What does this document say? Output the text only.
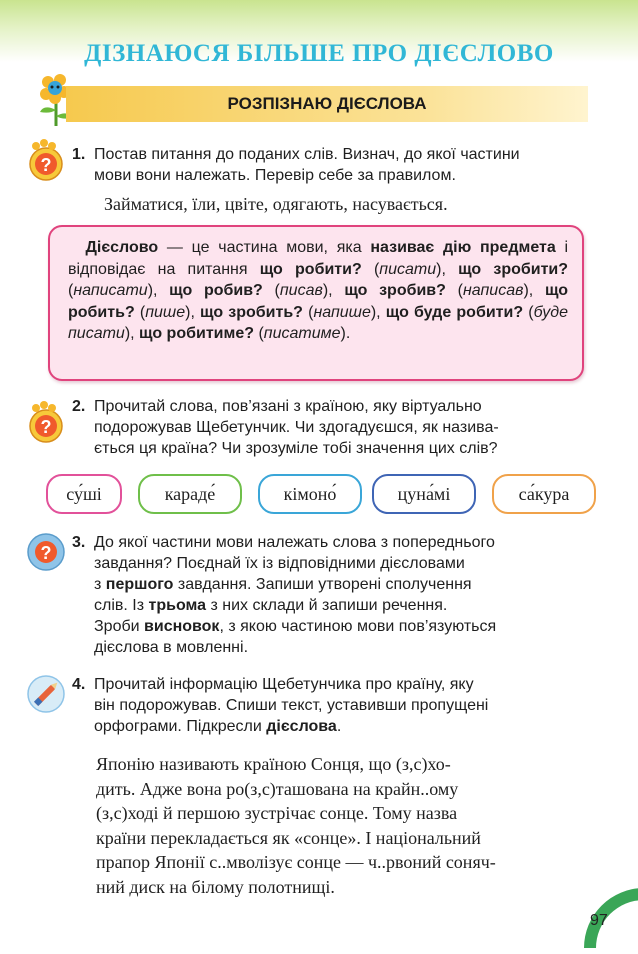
ДІЗНАЮСЯ БІЛЬШЕ ПРО ДІЄСЛОВО
РОЗПІЗНАЮ ДІЄСЛОВА
?
1. Постав питання до поданих слів. Визнач, до якої частини
мови вони належать. Перевір себе за правилом.
Займатися, їли, цвіте, одягають, насувається.
Дієслово — це частина мови, яка називає дію предмета і відповідає на питання що робити? (писати), що зробити? (написати), що робив? (писав), що зробив? (написав), що робить? (пише), що зробить? (напише), що буде робити? (буде писати), що робитиме? (писатиме).
?
2. Прочитай слова, пов’язані з країною, яку віртуально
подорожував Щебетунчик. Чи здогадуєшся, як назива-
ється ця країна? Чи зрозуміле тобі значення цих слів?
су́ші	караде́	кімоно́	цуна́мі	са́кура
?
3. До якої частини мови належать слова з попереднього
завдання? Поєднай їх із відповідними дієсловами
з першого завдання. Запиши утворені сполучення
слів. Із трьома з них склади й запиши речення.
Зроби висновок, з якою частиною мови пов’язуються
дієслова в мовленні.
4. Прочитай інформацію Щебетунчика про країну, яку
він подорожував. Спиши текст, уставивши пропущені
орфограми. Підкресли дієслова.
Японію називають країною Сонця, що (з,с)хо-
дить. Адже вона ро(з,с)ташована на крайн..ому
(з,с)ході й першою зустрічає сонце. Тому назва
країни перекладається як «сонце». І національний
прапор Японії с..мволізує сонце — ч..рвоний соняч-
ний диск на білому полотнищі.
97
